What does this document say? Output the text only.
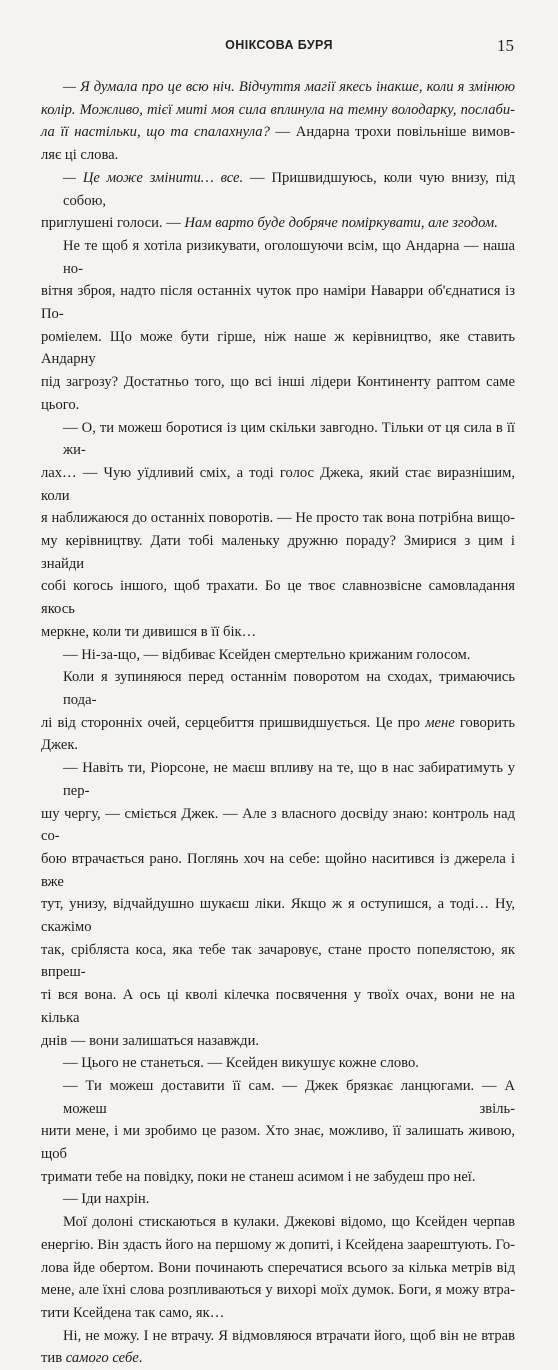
ОНІКСОВА БУРЯ	15

— Я думала про це всю ніч. Відчуття магії якесь інакше, коли я змінюю

колір. Можливо, тієї миті моя сила вплинула на темну володарку, послаби-

ла її настільки, що та спалахнула? — Андарна трохи повільніше вимов-

ляє ці слова.

— Це може змінити… все. — Пришвидшуюсь, коли чую внизу, під собою,

приглушені голоси. — Нам варто буде добряче поміркувати, але згодом.

Не те щоб я хотіла ризикувати, оголошуючи всім, що Андарна — наша но-

вітня зброя, надто після останніх чуток про наміри Наварри об'єднатися із По-

роміелем. Що може бути гірше, ніж наше ж керівництво, яке ставить Андарну

під загрозу? Достатньо того, що всі інші лідери Континенту раптом саме цього.

— О, ти можеш боротися із цим скільки завгодно. Тільки от ця сила в її жи-

лах… — Чую уїдливий сміх, а тоді голос Джека, який стає виразнішим, коли

я наближаюся до останніх поворотів. — Не просто так вона потрібна вищо-

му керівництву. Дати тобі маленьку дружню пораду? Змирися з цим і знайди

собі когось іншого, щоб трахати. Бо це твоє славнозвісне самовладання якось

меркне, коли ти дивишся в її бік…

— Ні-за-що, — відбиває Ксейден смертельно крижаним голосом.

Коли я зупиняюся перед останнім поворотом на сходах, тримаючись пода-

лі від сторонніх очей, серцебиття пришвидшується. Це про мене говорить Джек.

— Навіть ти, Ріорсоне, не маєш впливу на те, що в нас забиратимуть у пер-

шу чергу, — сміється Джек. — Але з власного досвіду знаю: контроль над со-

бою втрачається рано. Поглянь хоч на себе: щойно наситився із джерела і вже

тут, унизу, відчайдушно шукаєш ліки. Якщо ж я оступишся, а тоді… Ну, скажімо

так, сріблястa коса, яка тебе так зачаровує, стане просто попелястою, як впреш-

ті вся вона. А ось ці кволі кілечка посвячення у твоїх очах, вони не на кілька

днів — вони залишаться назавжди.

— Цього не станеться. — Ксейден викушує кожне слово.

— Ти можеш доставити її сам. — Джек брязкає ланцюгами. — А можеш звіль-

нити мене, і ми зробимо це разом. Хто знає, можливо, її залишать живою, щоб

тримати тебе на повідку, поки не станеш асимом і не забудеш про неї.

— Іди нахрін.

Мої долоні стискаються в кулаки. Джекові відомо, що Ксейден черпав

енергію. Він здасть його на першому ж допиті, і Ксейдена заарештують. Го-

лова йде обертом. Вони починають сперечатися всього за кілька метрів від

мене, але їхні слова розпливаються у вихорі моїх думок. Боги, я можу втра-

тити Ксейдена так само, як…

Ні, не можу. І не втрачу. Я відмовляюся втрачати його, щоб він не втрав

тив самого себе.
